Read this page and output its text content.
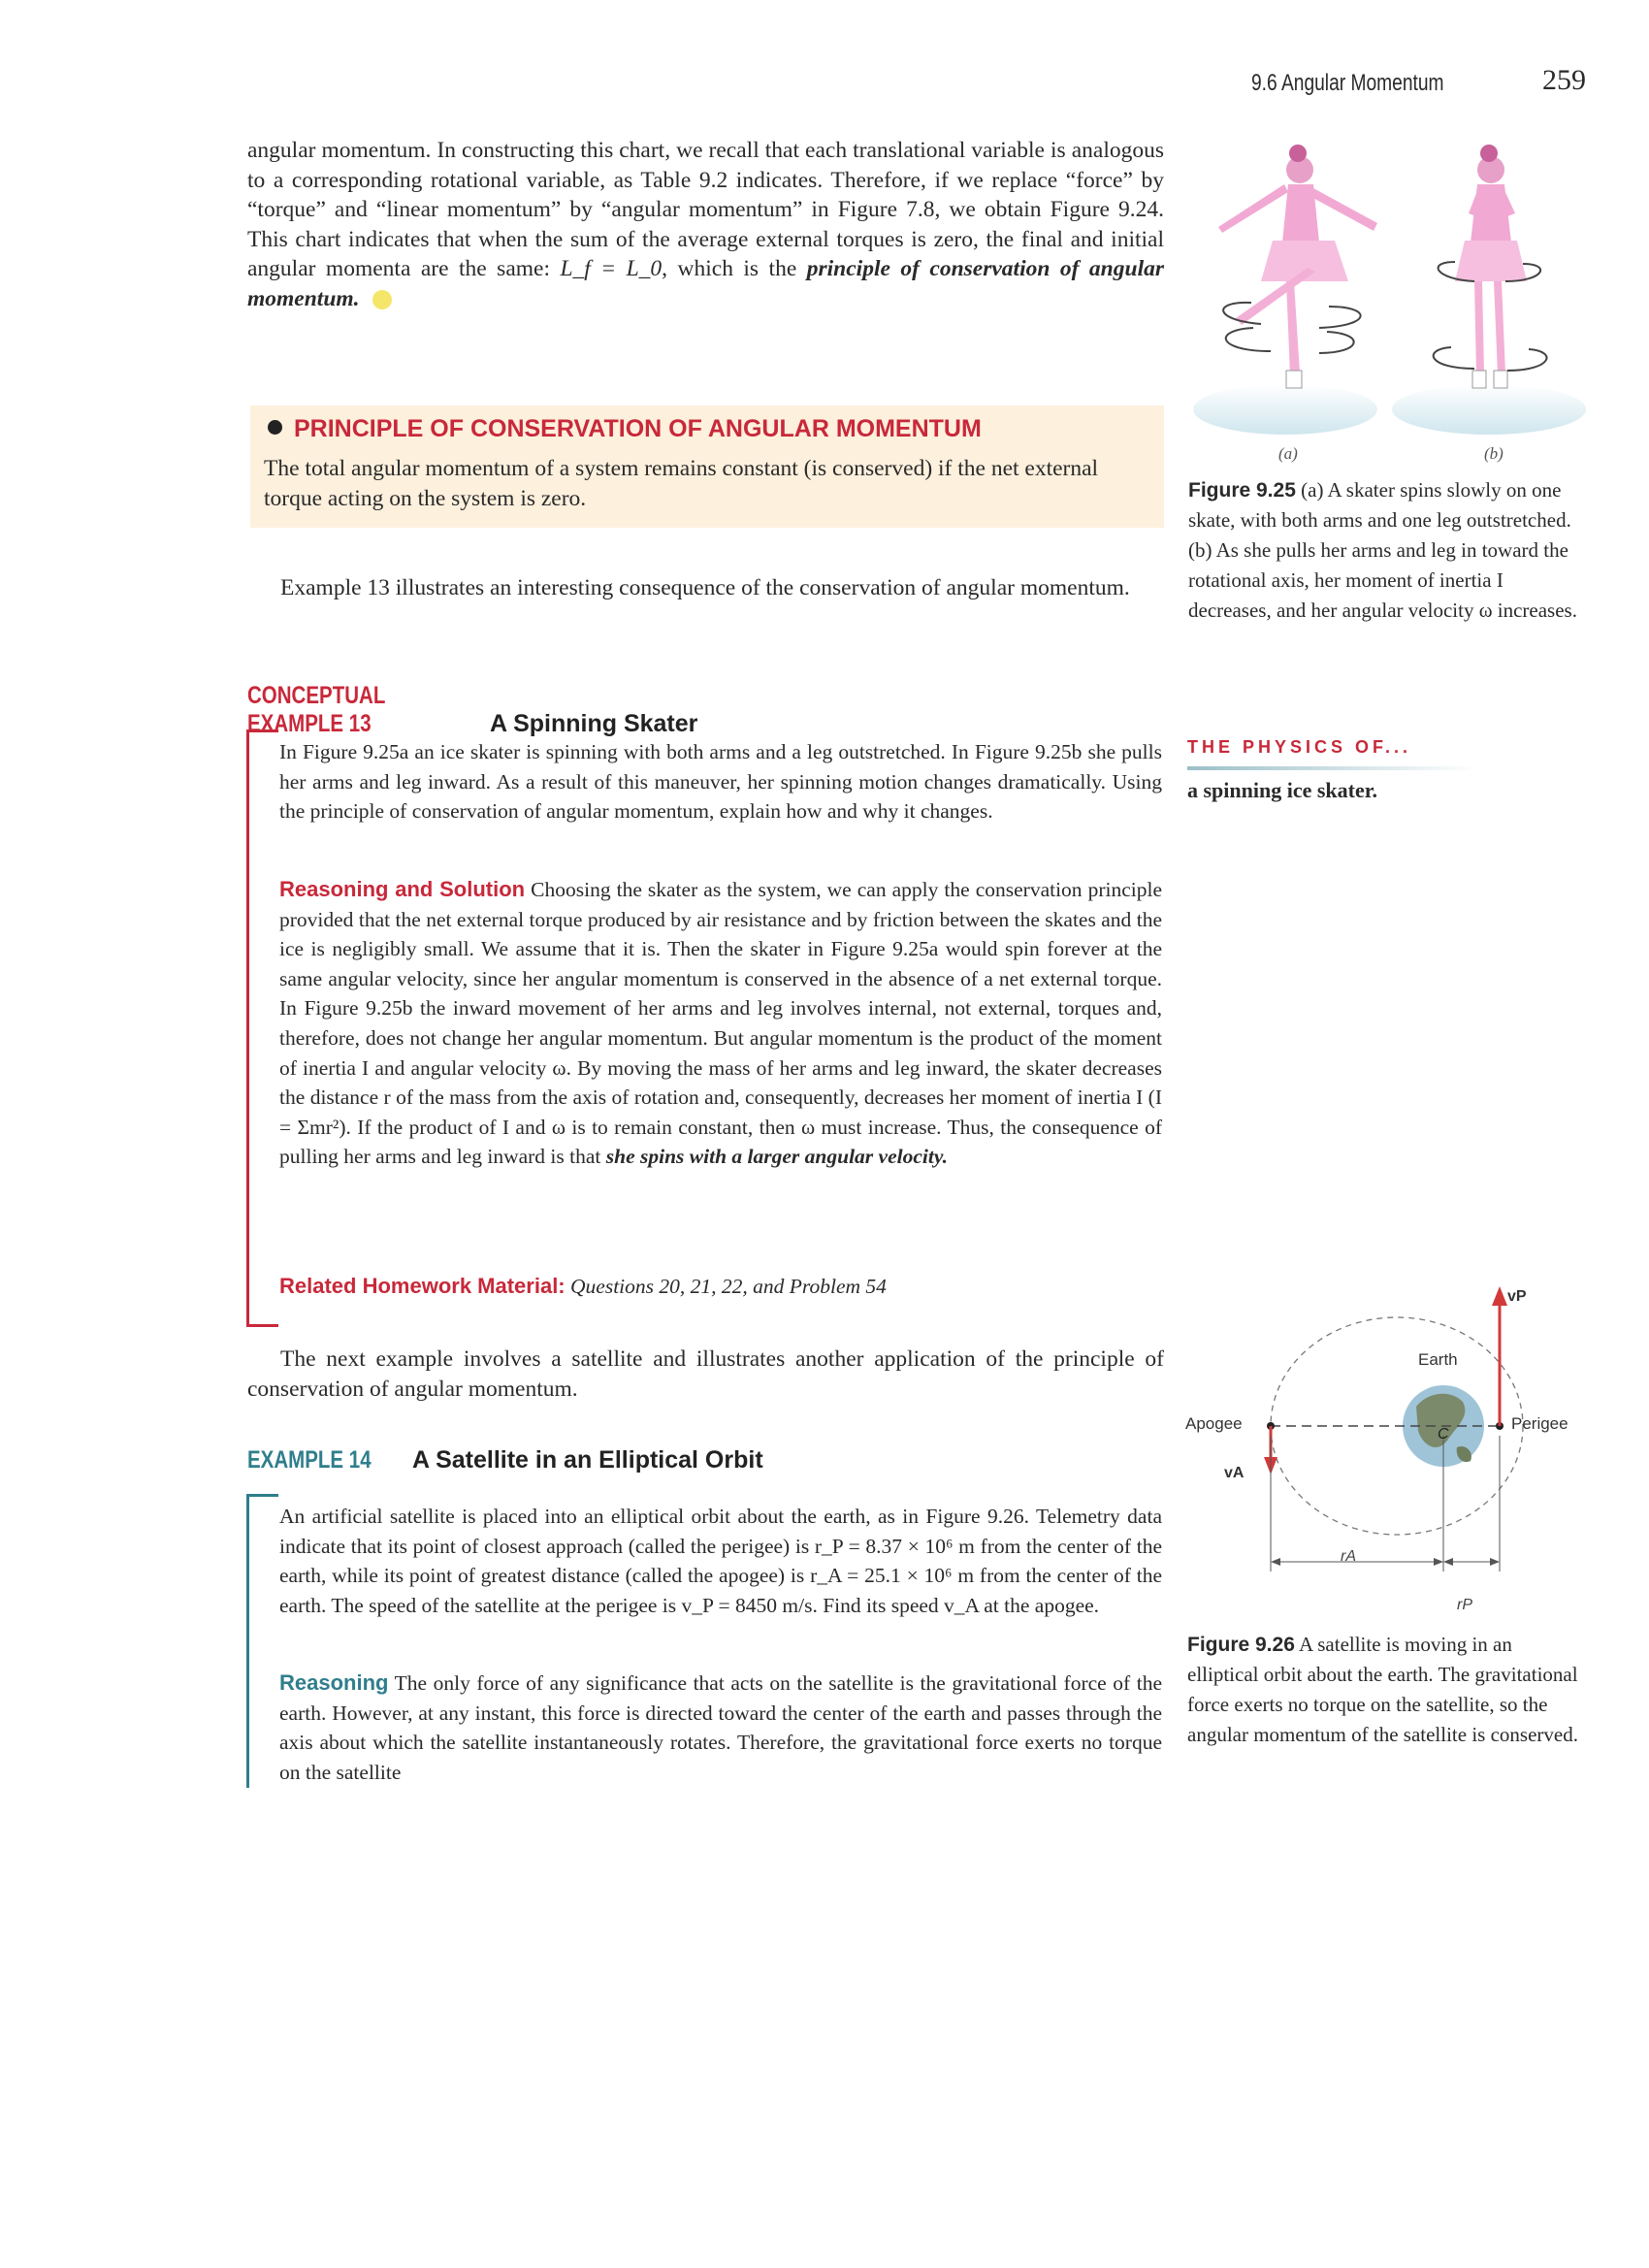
9.6 Angular Momentum	259
angular momentum. In constructing this chart, we recall that each translational variable is analogous to a corresponding rotational variable, as Table 9.2 indicates. Therefore, if we replace “force” by “torque” and “linear momentum” by “angular momentum” in Figure 7.8, we obtain Figure 9.24. This chart indicates that when the sum of the average external torques is zero, the final and initial angular momenta are the same: L_f = L_0, which is the principle of conservation of angular momentum.
PRINCIPLE OF CONSERVATION OF ANGULAR MOMENTUM
The total angular momentum of a system remains constant (is conserved) if the net external torque acting on the system is zero.
Example 13 illustrates an interesting consequence of the conservation of angular momentum.
CONCEPTUAL EXAMPLE 13	A Spinning Skater
In Figure 9.25a an ice skater is spinning with both arms and a leg outstretched. In Figure 9.25b she pulls her arms and leg inward. As a result of this maneuver, her spinning motion changes dramatically. Using the principle of conservation of angular momentum, explain how and why it changes.
Reasoning and Solution Choosing the skater as the system, we can apply the conservation principle provided that the net external torque produced by air resistance and by friction between the skates and the ice is negligibly small. We assume that it is. Then the skater in Figure 9.25a would spin forever at the same angular velocity, since her angular momentum is conserved in the absence of a net external torque. In Figure 9.25b the inward movement of her arms and leg involves internal, not external, torques and, therefore, does not change her angular momentum. But angular momentum is the product of the moment of inertia I and angular velocity ω. By moving the mass of her arms and leg inward, the skater decreases the distance r of the mass from the axis of rotation and, consequently, decreases her moment of inertia I (I = Σmr²). If the product of I and ω is to remain constant, then ω must increase. Thus, the consequence of pulling her arms and leg inward is that she spins with a larger angular velocity.
Related Homework Material: Questions 20, 21, 22, and Problem 54
The next example involves a satellite and illustrates another application of the principle of conservation of angular momentum.
EXAMPLE 14 A Satellite in an Elliptical Orbit
An artificial satellite is placed into an elliptical orbit about the earth, as in Figure 9.26. Telemetry data indicate that its point of closest approach (called the perigee) is r_P = 8.37 × 10⁶ m from the center of the earth, while its point of greatest distance (called the apogee) is r_A = 25.1 × 10⁶ m from the center of the earth. The speed of the satellite at the perigee is v_P = 8450 m/s. Find its speed v_A at the apogee.
Reasoning The only force of any significance that acts on the satellite is the gravitational force of the earth. However, at any instant, this force is directed toward the center of the earth and passes through the axis about which the satellite instantaneously rotates. Therefore, the gravitational force exerts no torque on the satellite
(a)	(b)
Figure 9.25 (a) A skater spins slowly on one skate, with both arms and one leg outstretched. (b) As she pulls her arms and leg in toward the rotational axis, her moment of inertia I decreases, and her angular velocity ω increases.
THE PHYSICS OF...
a spinning ice skater.
Apogee	Perigee
Earth
C
vP
vA
rA
rP
Figure 9.26 A satellite is moving in an elliptical orbit about the earth. The gravitational force exerts no torque on the satellite, so the angular momentum of the satellite is conserved.
